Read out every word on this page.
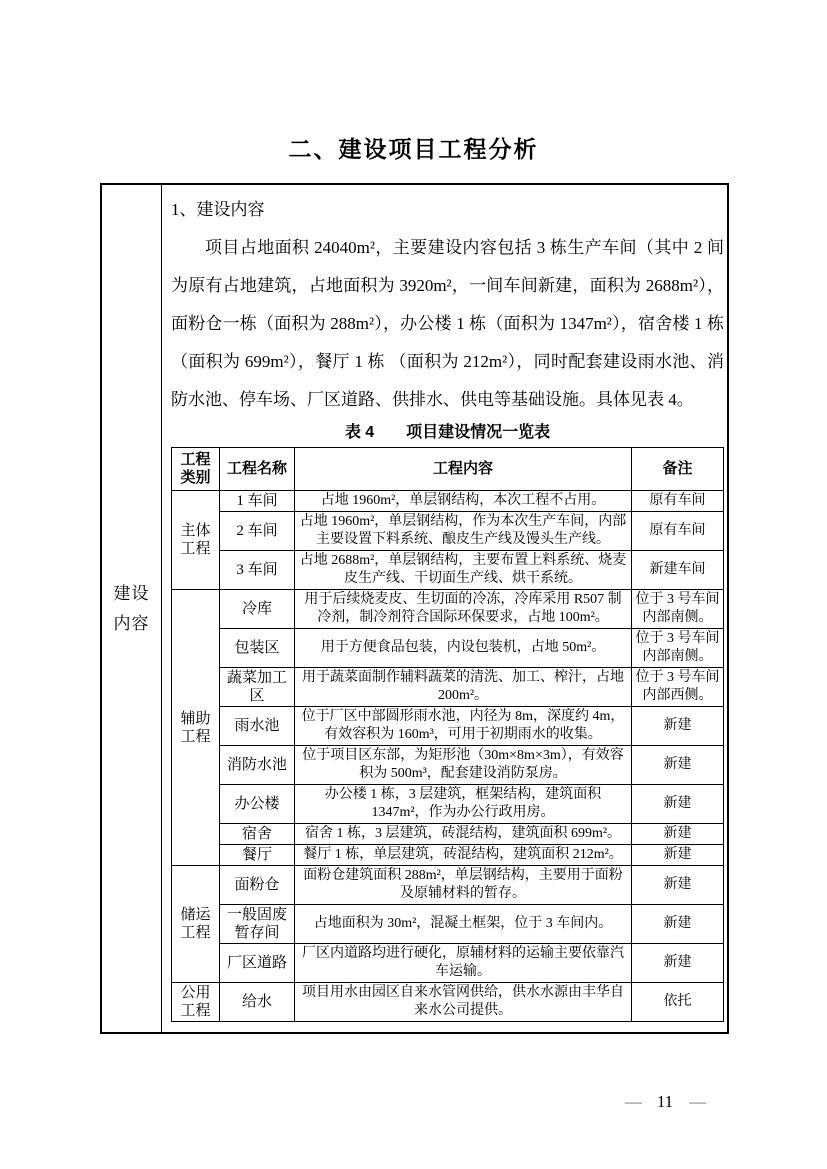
二、建设项目工程分析
建设
内容

1、建设内容

项目占地面积 24040m²，主要建设内容包括 3 栋生产车间（其中 2 间为原有占地建筑，占地面积为 3920m²，一间车间新建，面积为 2688m²），面粉仓一栋（面积为 288m²），办公楼 1 栋（面积为 1347m²），宿舍楼 1 栋（面积为 699m²），餐厅 1 栋 （面积为 212m²），同时配套建设雨水池、消防水池、停车场、厂区道路、供排水、供电等基础设施。具体见表 4。

表 4　　项目建设情况一览表

工程类别	工程名称	工程内容	备注
主体工程	1 车间	占地 1960m²，单层钢结构，本次工程不占用。	原有车间
	2 车间	占地 1960m²，单层钢结构，作为本次生产车间，内部主要设置下料系统、酿皮生产线及馒头生产线。	原有车间
	3 车间	占地 2688m²，单层钢结构，主要布置上料系统、烧麦皮生产线、干切面生产线、烘干系统。	新建车间
辅助工程	冷库	用于后续烧麦皮、生切面的冷冻，冷库采用 R507 制冷剂，制冷剂符合国际环保要求，占地 100m²。	位于 3 号车间内部南侧。
	包装区	用于方便食品包装，内设包装机，占地 50m²。	位于 3 号车间内部南侧。
	蔬菜加工区	用于蔬菜面制作辅料蔬菜的清洗、加工、榨汁，占地 200m²。	位于 3 号车间内部西侧。
	雨水池	位于厂区中部圆形雨水池，内径为 8m，深度约 4m，有效容积为 160m³，可用于初期雨水的收集。	新建
	消防水池	位于项目区东部，为矩形池（30m×8m×3m），有效容积为 500m³，配套建设消防泵房。	新建
	办公楼	办公楼 1 栋，3 层建筑，框架结构，建筑面积 1347m²，作为办公行政用房。	新建
	宿舍	宿舍 1 栋，3 层建筑，砖混结构，建筑面积 699m²。	新建
	餐厅	餐厅 1 栋，单层建筑，砖混结构，建筑面积 212m²。	新建
储运工程	面粉仓	面粉仓建筑面积 288m²，单层钢结构，主要用于面粉及原辅材料的暂存。	新建
	一般固废暂存间	占地面积为 30m²，混凝土框架，位于 3 车间内。	新建
	厂区道路	厂区内道路均进行硬化，原辅材料的运输主要依靠汽车运输。	新建
公用工程	给水	项目用水由园区自来水管网供给，供水水源由丰华自来水公司提供。	依托
— 11 —
